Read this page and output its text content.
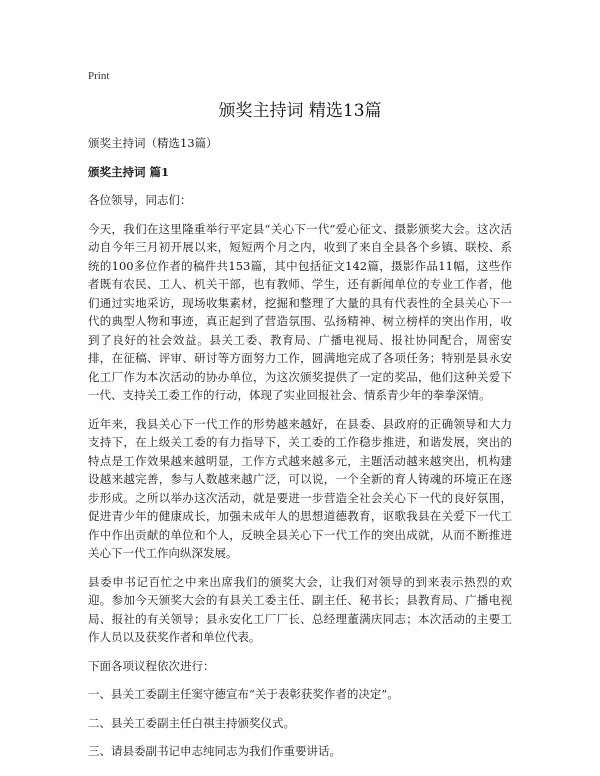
Print
颁奖主持词 精选13篇

颁奖主持词（精选13篇）

颁奖主持词 篇1

各位领导，同志们：

今天，我们在这里隆重举行平定县“关心下一代”爱心征文、摄影颁奖大会。这次活动自今年三月初开展以来，短短两个月之内，收到了来自全县各个乡镇、联校、系统的100多位作者的稿件共153篇，其中包括征文142篇，摄影作品11幅，这些作者既有农民、工人、机关干部，也有教师、学生，还有新闻单位的专业工作者，他们通过实地采访，现场收集素材，挖掘和整理了大量的具有代表性的全县关心下一代的典型人物和事迹，真正起到了营造氛围、弘扬精神、树立榜样的突出作用，收到了良好的社会效益。县关工委、教育局、广播电视局、报社协同配合，周密安排，在征稿、评审、研讨等方面努力工作，圆满地完成了各项任务；特别是县永安化工厂作为本次活动的协办单位，为这次颁奖提供了一定的奖品，他们这种关爱下一代、支持关工委工作的行动，体现了实业回报社会、情系青少年的拳拳深情。

近年来，我县关心下一代工作的形势越来越好，在县委、县政府的正确领导和大力支持下，在上级关工委的有力指导下，关工委的工作稳步推进，和谐发展，突出的特点是工作效果越来越明显，工作方式越来越多元，主题活动越来越突出，机构建设越来越完善，参与人数越来越广泛，可以说，一个全新的育人铸魂的环境正在逐步形成。之所以举办这次活动，就是要进一步营造全社会关心下一代的良好氛围，促进青少年的健康成长，加强未成年人的思想道德教育，讴歌我县在关爱下一代工作中作出贡献的单位和个人，反映全县关心下一代工作的突出成就，从而不断推进关心下一代工作向纵深发展。

县委申书记百忙之中来出席我们的颁奖大会，让我们对领导的到来表示热烈的欢迎。参加今天颁奖大会的有县关工委主任、副主任、秘书长；县教育局、广播电视局、报社的有关领导；县永安化工厂厂长、总经理董满庆同志；本次活动的主要工作人员以及获奖作者和单位代表。

下面各项议程依次进行：

一、县关工委副主任窦守德宣布“关于表彰获奖作者的决定”。

二、县关工委副主任白祺主持颁奖仪式。

三、请县委副书记申志纯同志为我们作重要讲话。
